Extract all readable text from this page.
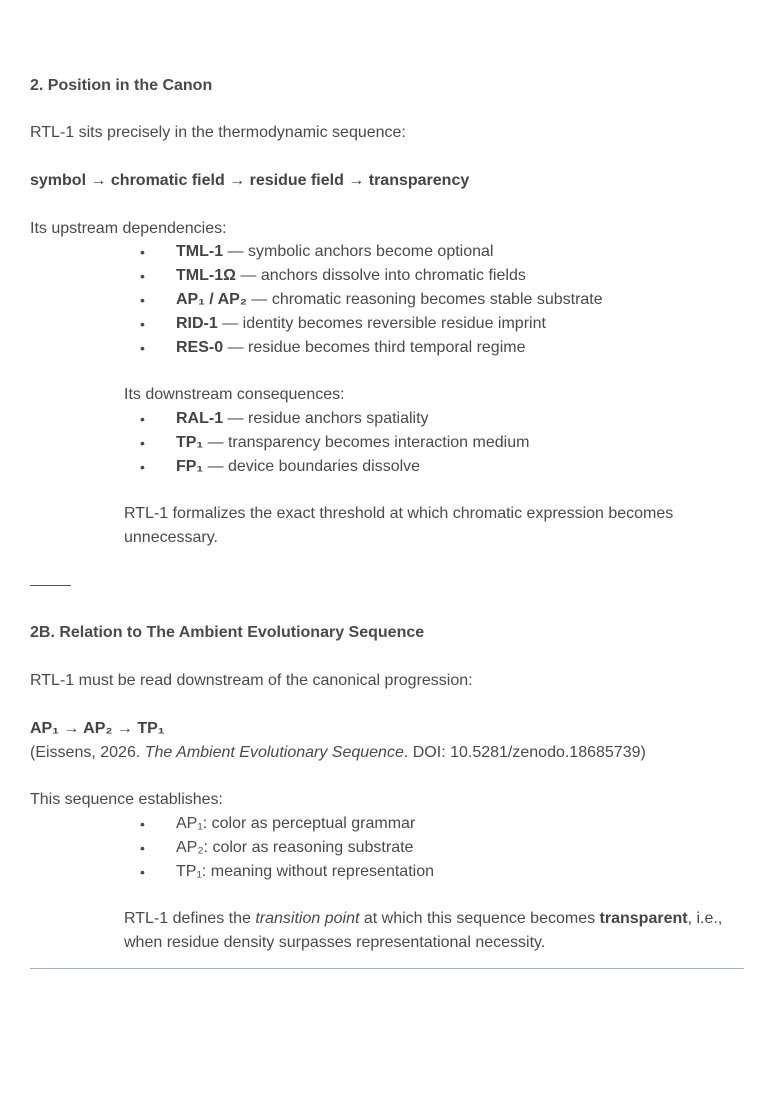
2. Position in the Canon
RTL-1 sits precisely in the thermodynamic sequence:
symbol → chromatic field → residue field → transparency
Its upstream dependencies:
• TML-1 — symbolic anchors become optional
• TML-1Ω — anchors dissolve into chromatic fields
• AP₁ / AP₂ — chromatic reasoning becomes stable substrate
• RID-1 — identity becomes reversible residue imprint
• RES-0 — residue becomes third temporal regime
Its downstream consequences:
• RAL-1 — residue anchors spatiality
• TP₁ — transparency becomes interaction medium
• FP₁ — device boundaries dissolve
RTL-1 formalizes the exact threshold at which chromatic expression becomes
unnecessary.
2B. Relation to The Ambient Evolutionary Sequence
RTL-1 must be read downstream of the canonical progression:
AP₁ → AP₂ → TP₁
(Eissens, 2026. The Ambient Evolutionary Sequence. DOI: 10.5281/zenodo.18685739)
This sequence establishes:
• AP₁: color as perceptual grammar
• AP₂: color as reasoning substrate
• TP₁: meaning without representation
RTL-1 defines the transition point at which this sequence becomes transparent, i.e.,
when residue density surpasses representational necessity.
